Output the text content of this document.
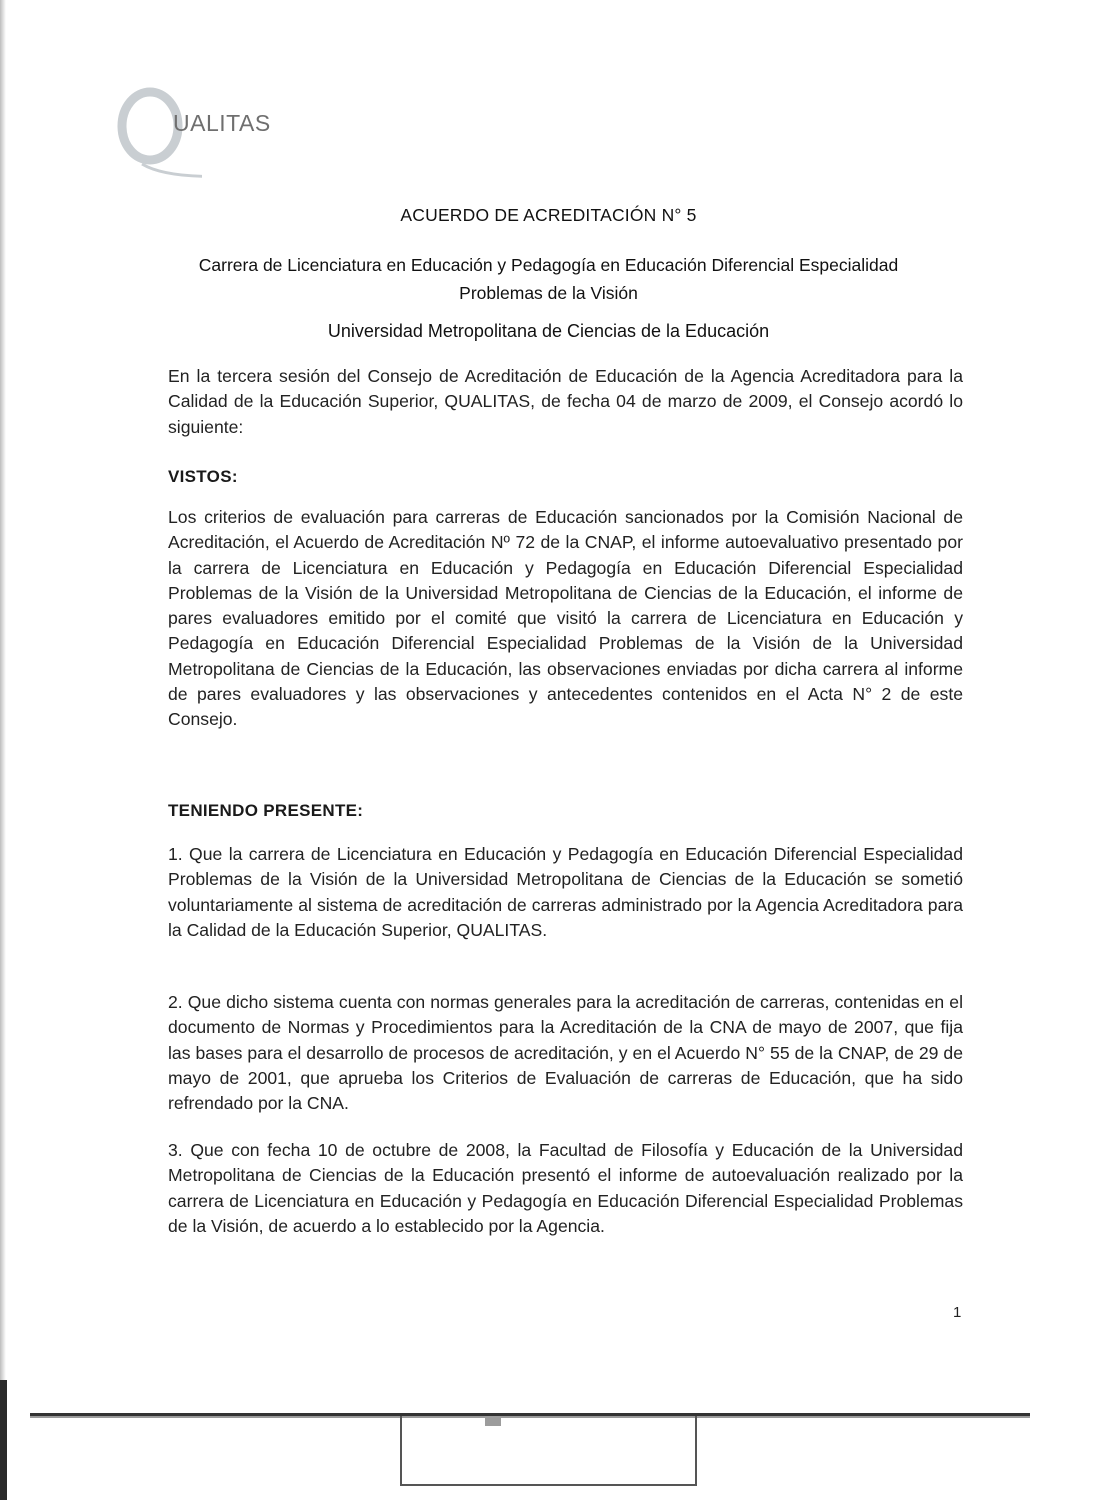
UALITAS
ACUERDO DE ACREDITACIÓN N° 5
Carrera de Licenciatura en Educación y Pedagogía en Educación Diferencial Especialidad
Problemas de la Visión
Universidad Metropolitana de Ciencias de la Educación

En la tercera sesión del Consejo de Acreditación de Educación de la Agencia Acreditadora para la Calidad de la Educación Superior, QUALITAS, de fecha 04 de marzo de 2009, el Consejo acordó lo siguiente:

VISTOS:

Los criterios de evaluación para carreras de Educación sancionados por la Comisión Nacional de Acreditación, el Acuerdo de Acreditación Nº 72 de la CNAP, el informe autoevaluativo presentado por la carrera de Licenciatura en Educación y Pedagogía en Educación Diferencial Especialidad Problemas de la Visión de la Universidad Metropolitana de Ciencias de la Educación, el informe de pares evaluadores emitido por el comité que visitó la carrera de Licenciatura en Educación y Pedagogía en Educación Diferencial Especialidad Problemas de la Visión de la Universidad Metropolitana de Ciencias de la Educación, las observaciones enviadas por dicha carrera al informe de pares evaluadores y las observaciones y antecedentes contenidos en el Acta N° 2 de este Consejo.

TENIENDO PRESENTE:

1. Que la carrera de Licenciatura en Educación y Pedagogía en Educación Diferencial Especialidad Problemas de la Visión de la Universidad Metropolitana de Ciencias de la Educación se sometió voluntariamente al sistema de acreditación de carreras administrado por la Agencia Acreditadora para la Calidad de la Educación Superior, QUALITAS.

2. Que dicho sistema cuenta con normas generales para la acreditación de carreras, contenidas en el documento de Normas y Procedimientos para la Acreditación de la CNA de mayo de 2007, que fija las bases para el desarrollo de procesos de acreditación, y en el Acuerdo N° 55 de la CNAP, de 29 de mayo de 2001, que aprueba los Criterios de Evaluación de carreras de Educación, que ha sido refrendado por la CNA.

3. Que con fecha 10 de octubre de 2008, la Facultad de Filosofía y Educación de la Universidad Metropolitana de Ciencias de la Educación presentó el informe de autoevaluación realizado por la carrera de Licenciatura en Educación y Pedagogía en Educación Diferencial Especialidad Problemas de la Visión, de acuerdo a lo establecido por la Agencia.

1
